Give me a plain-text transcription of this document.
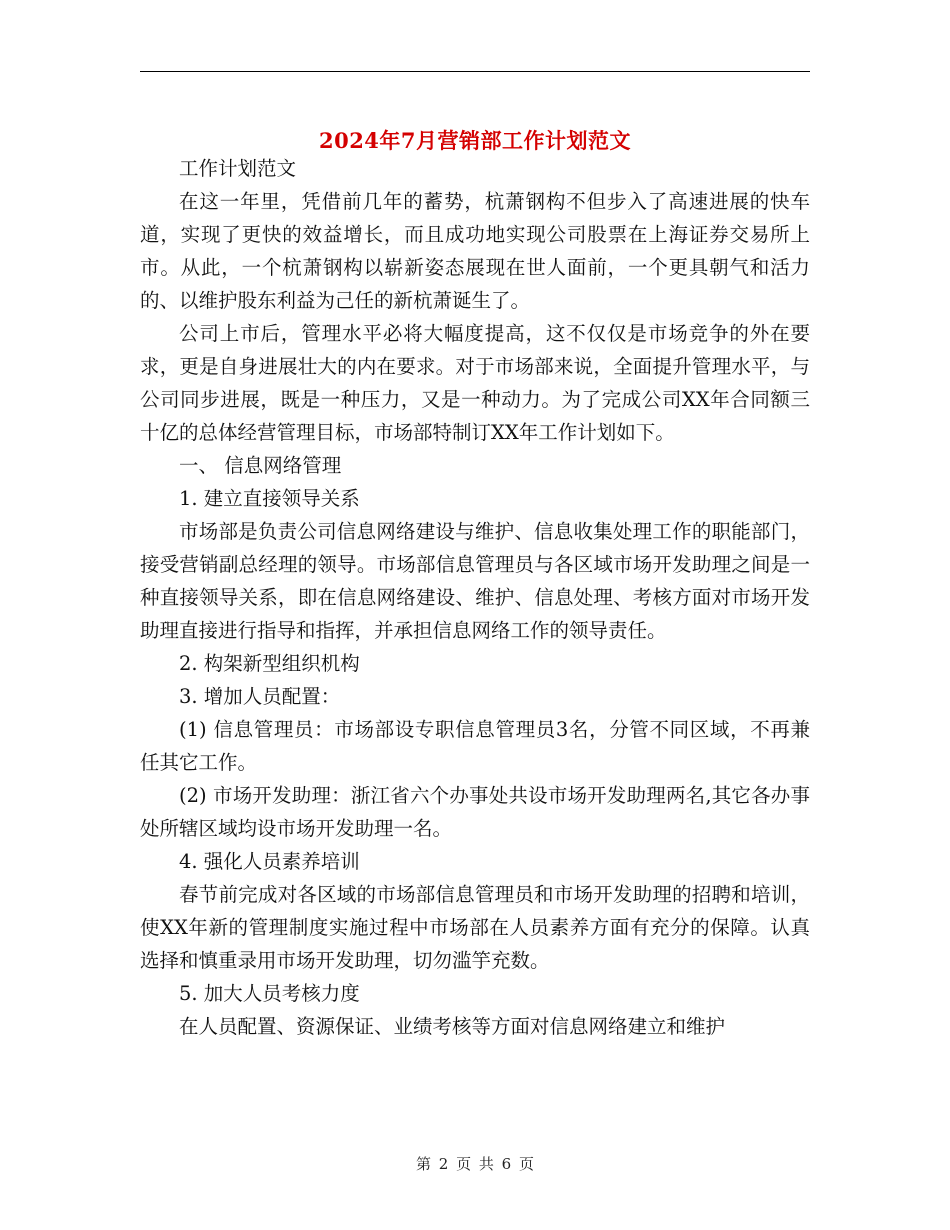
2024年7月营销部工作计划范文

工作计划范文

在这一年里，凭借前几年的蓄势，杭萧钢构不但步入了高速进展的快车道，实现了更快的效益增长，而且成功地实现公司股票在上海证券交易所上市。从此，一个杭萧钢构以崭新姿态展现在世人面前，一个更具朝气和活力的、以维护股东利益为己任的新杭萧诞生了。

公司上市后，管理水平必将大幅度提高，这不仅仅是市场竞争的外在要求，更是自身进展壮大的内在要求。对于市场部来说，全面提升管理水平，与公司同步进展，既是一种压力，又是一种动力。为了完成公司XX年合同额三十亿的总体经营管理目标，市场部特制订XX年工作计划如下。

一、 信息网络管理

1. 建立直接领导关系

市场部是负责公司信息网络建设与维护、信息收集处理工作的职能部门，接受营销副总经理的领导。市场部信息管理员与各区域市场开发助理之间是一种直接领导关系，即在信息网络建设、维护、信息处理、考核方面对市场开发助理直接进行指导和指挥，并承担信息网络工作的领导责任。

2. 构架新型组织机构

3. 增加人员配置：

(1) 信息管理员：市场部设专职信息管理员3名，分管不同区域，不再兼任其它工作。

(2) 市场开发助理：浙江省六个办事处共设市场开发助理两名,其它各办事处所辖区域均设市场开发助理一名。

4. 强化人员素养培训

春节前完成对各区域的市场部信息管理员和市场开发助理的招聘和培训，使XX年新的管理制度实施过程中市场部在人员素养方面有充分的保障。认真选择和慎重录用市场开发助理，切勿滥竽充数。

5. 加大人员考核力度

在人员配置、资源保证、业绩考核等方面对信息网络建立和维护

第 2 页 共 6 页
